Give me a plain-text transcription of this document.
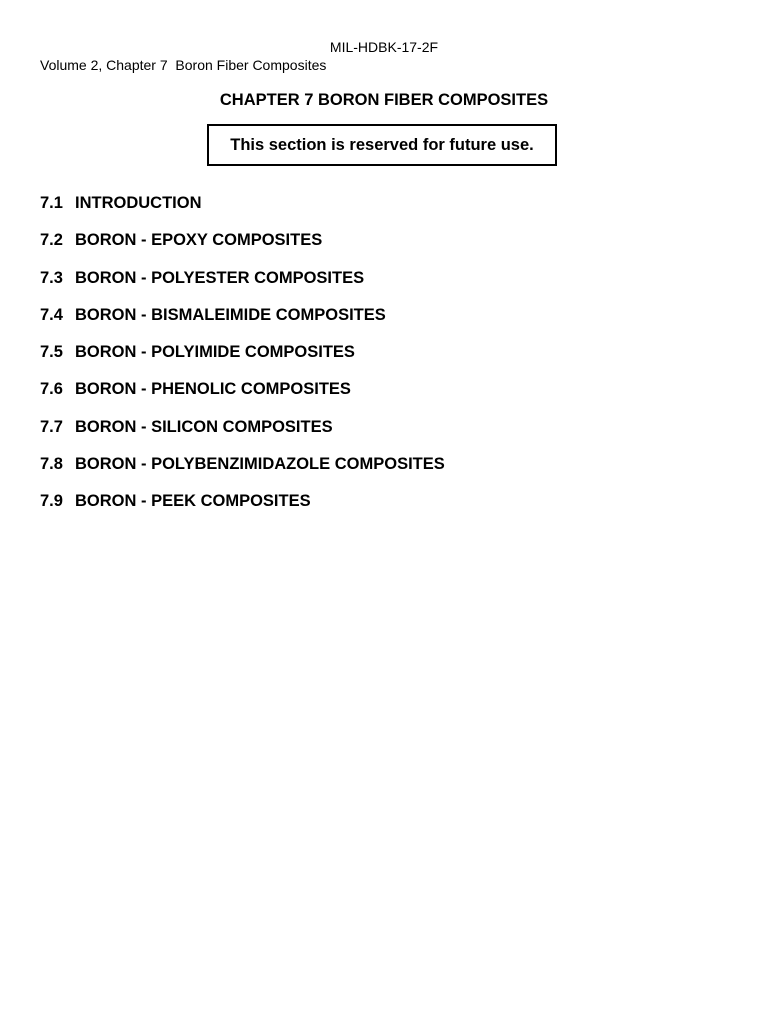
MIL-HDBK-17-2F
Volume 2, Chapter 7  Boron Fiber Composites
CHAPTER 7 BORON FIBER COMPOSITES
This section is reserved for future use.
7.1 INTRODUCTION
7.2 BORON - EPOXY COMPOSITES
7.3 BORON - POLYESTER COMPOSITES
7.4 BORON - BISMALEIMIDE COMPOSITES
7.5 BORON - POLYIMIDE COMPOSITES
7.6 BORON - PHENOLIC COMPOSITES
7.7 BORON - SILICON COMPOSITES
7.8 BORON - POLYBENZIMIDAZOLE COMPOSITES
7.9 BORON - PEEK COMPOSITES
